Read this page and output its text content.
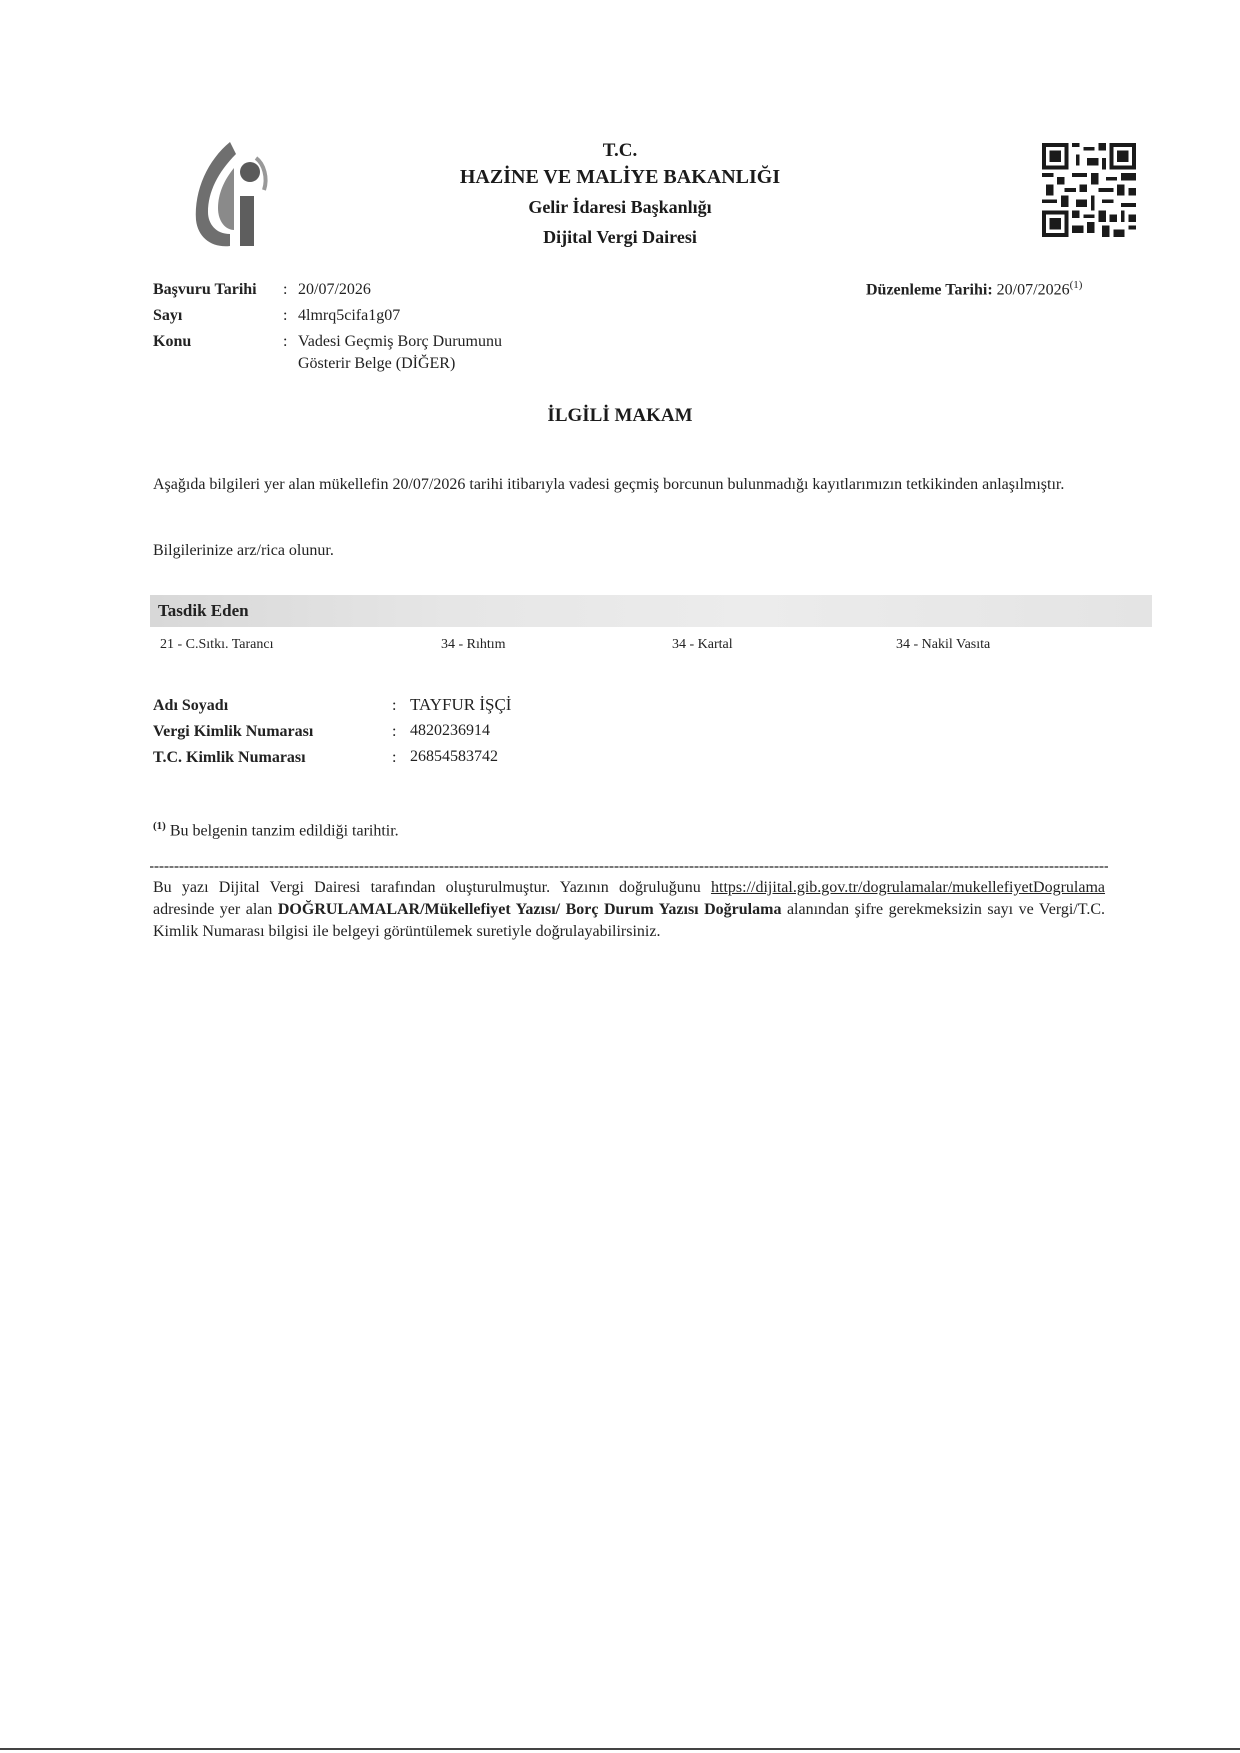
T.C.
HAZİNE VE MALİYE BAKANLIĞI
Gelir İdaresi Başkanlığı
Dijital Vergi Dairesi
Başvuru Tarihi : 20/07/2026
Sayı	: 4lmrq5cifa1g07
Konu	: Vadesi Geçmiş Borç Durumunu
Gösterir Belge (DİĞER)
Düzenleme Tarihi: 20/07/2026$^{(1)}$
İLGİLİ MAKAM
Aşağıda bilgileri yer alan mükellefin 20/07/2026 tarihi itibarıyla vadesi geçmiş borcunun bulunmadığı kayıtlarımızın tetkikinden anlaşılmıştır.
Bilgilerinize arz/rica olunur.
Tasdik Eden
21 - C.Sıtkı. Tarancı	34 - Rıhtım	34 - Kartal	34 - Nakil Vasıta
Adı Soyadı	: TAYFUR İŞÇİ
Vergi Kimlik Numarası	: 4820236914
T.C. Kimlik Numarası	: 26854583742
$^{(1)}$ Bu belgenin tanzim edildiği tarihtir.
Bu yazı Dijital Vergi Dairesi tarafından oluşturulmuştur. Yazının doğruluğunu https://dijital.gib.gov.tr/dogrulamalar/mukellefiyetDogrulama adresinde yer alan DOĞRULAMALAR/Mükellefiyet Yazısı/ Borç Durum Yazısı Doğrulama alanından şifre gerekmeksizin sayı ve Vergi/T.C. Kimlik Numarası bilgisi ile belgeyi görüntülemek suretiyle doğrulayabilirsiniz.
